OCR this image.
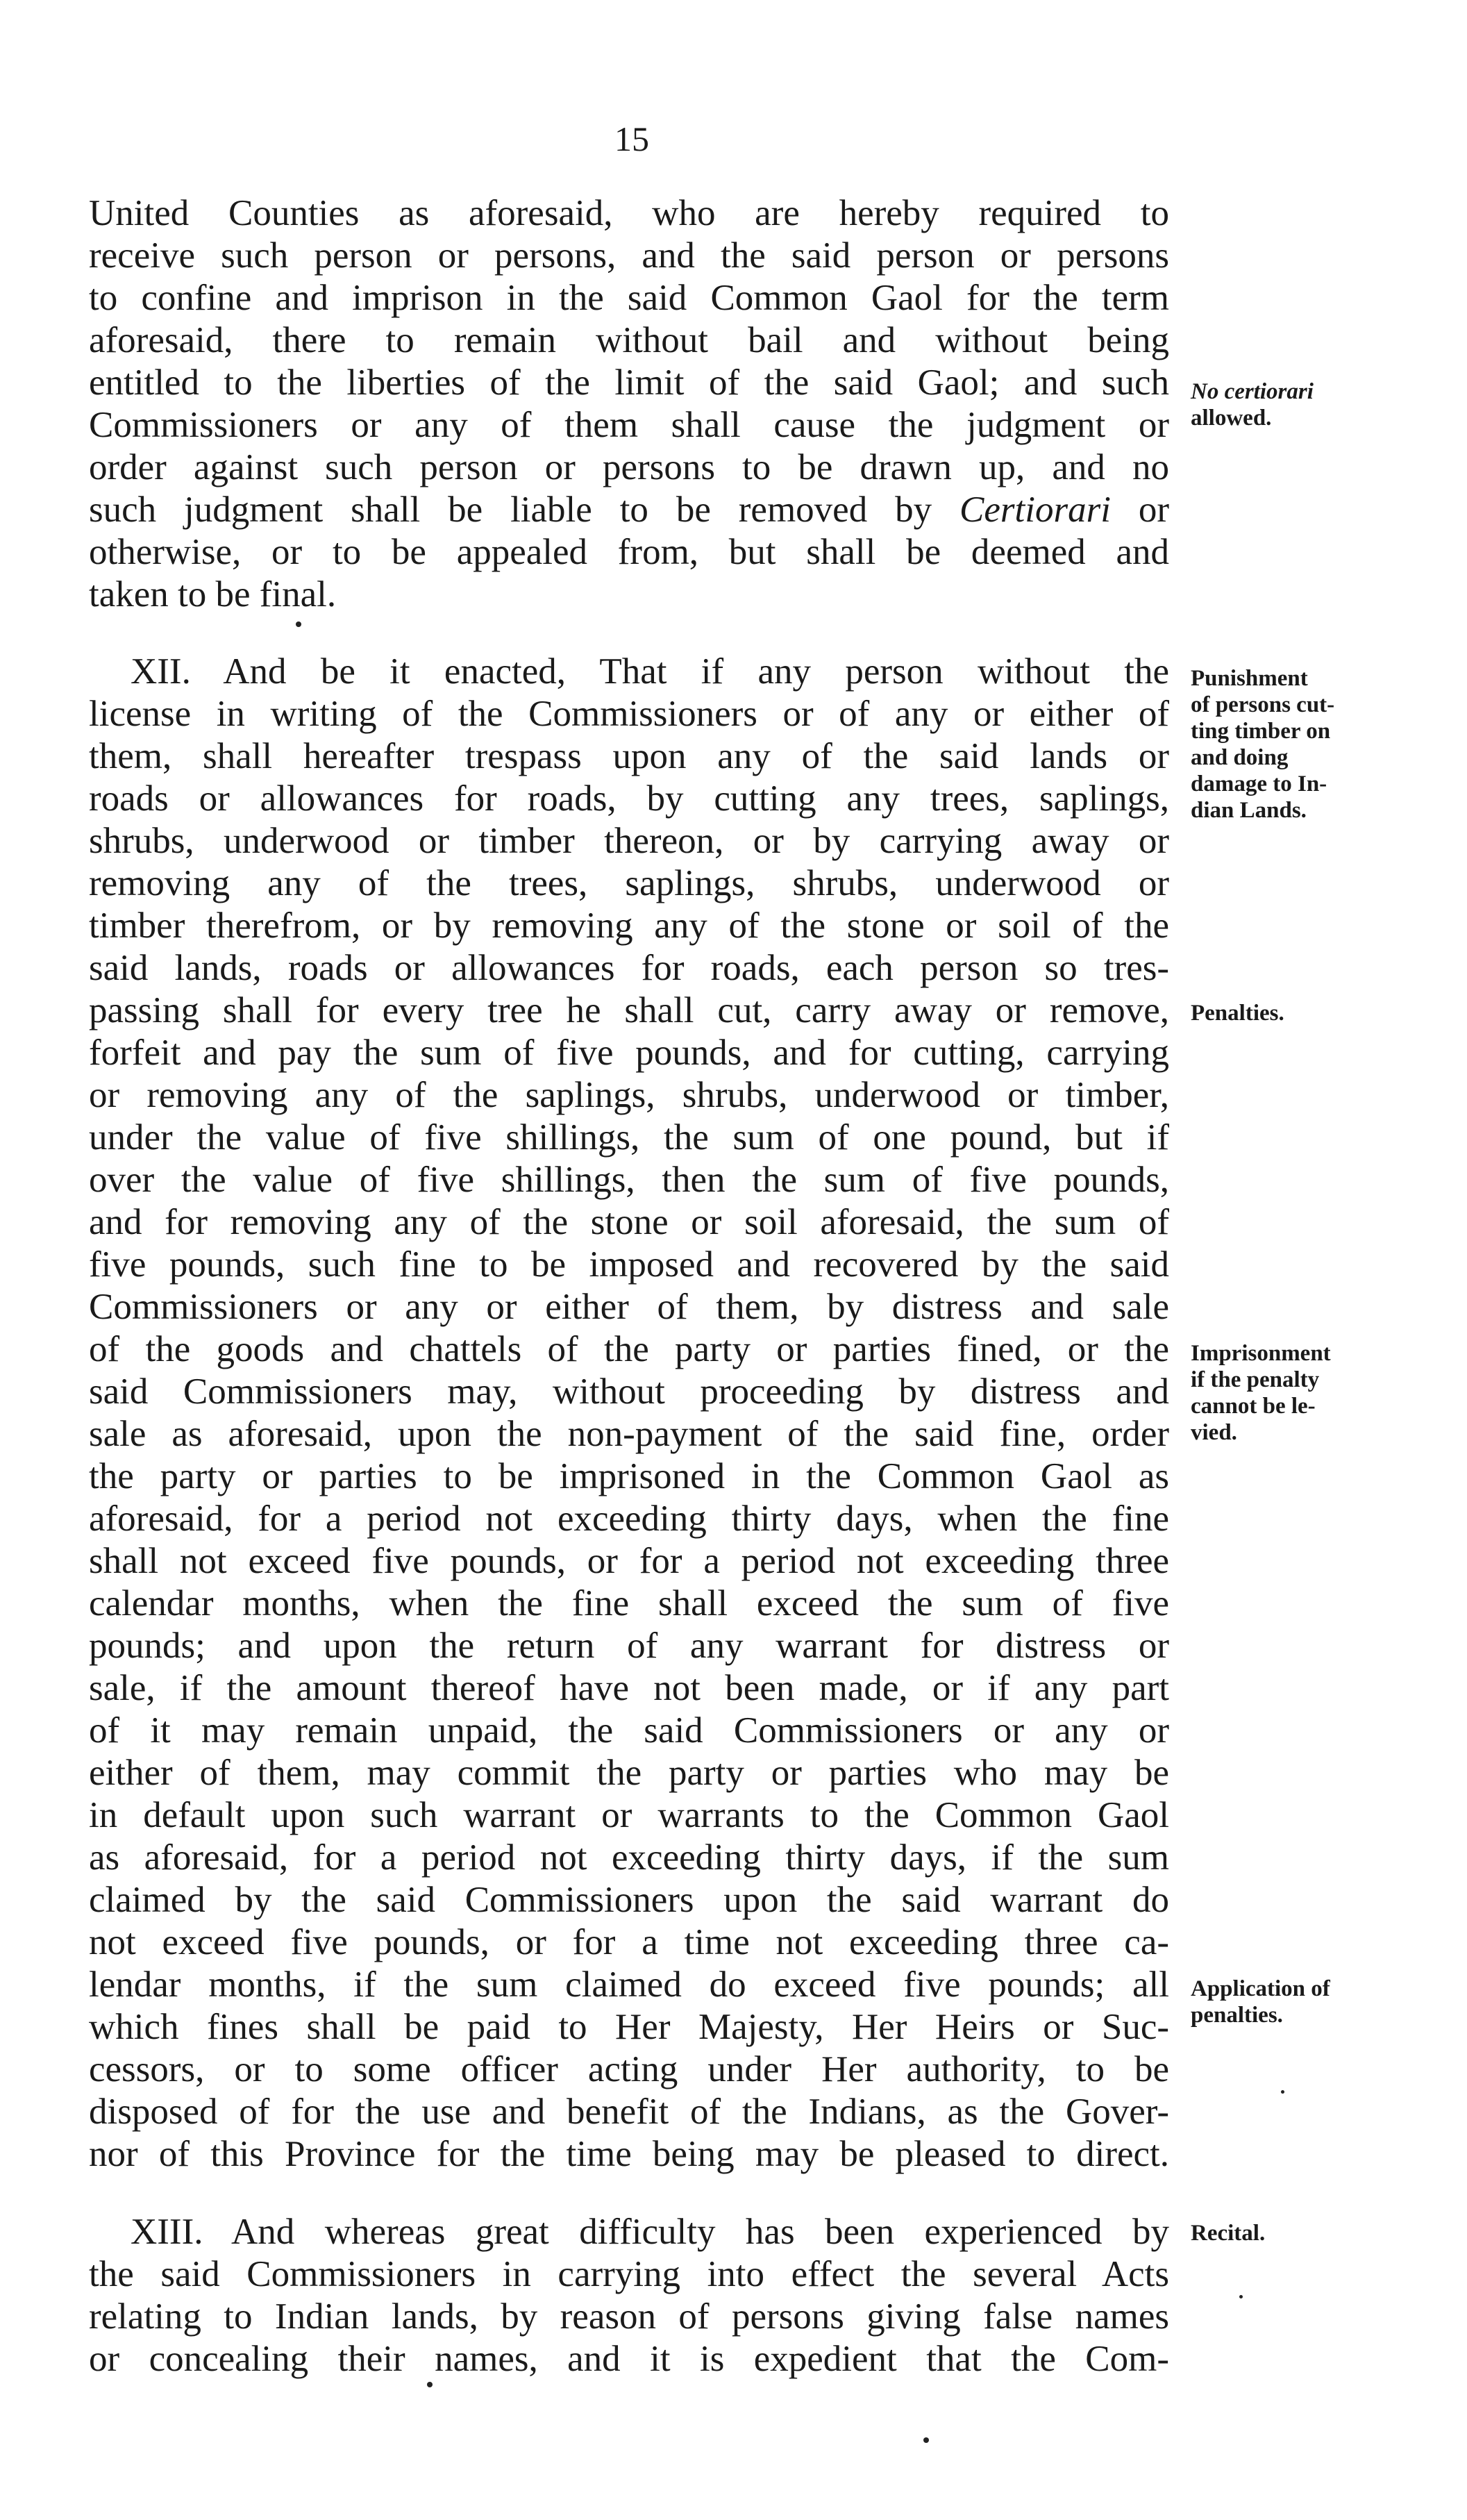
15
United Counties as aforesaid, who are hereby required to
receive such person or persons, and the said person or persons
to confine and imprison in the said Common Gaol for the term
aforesaid, there to remain without bail and without being
entitled to the liberties of the limit of the said Gaol; and such
Commissioners or any of them shall cause the judgment or
order against such person or persons to be drawn up, and no
such judgment shall be liable to be removed by Certiorari or
otherwise, or to be appealed from, but shall be deemed and
taken to be final.
XII. And be it enacted, That if any person without the
license in writing of the Commissioners or of any or either of
them, shall hereafter trespass upon any of the said lands or
roads or allowances for roads, by cutting any trees, saplings,
shrubs, underwood or timber thereon, or by carrying away or
removing any of the trees, saplings, shrubs, underwood or
timber therefrom, or by removing any of the stone or soil of the
said lands, roads or allowances for roads, each person so tres-
passing shall for every tree he shall cut, carry away or remove,
forfeit and pay the sum of five pounds, and for cutting, carrying
or removing any of the saplings, shrubs, underwood or timber,
under the value of five shillings, the sum of one pound, but if
over the value of five shillings, then the sum of five pounds,
and for removing any of the stone or soil aforesaid, the sum of
five pounds, such fine to be imposed and recovered by the said
Commissioners or any or either of them, by distress and sale
of the goods and chattels of the party or parties fined, or the
said Commissioners may, without proceeding by distress and
sale as aforesaid, upon the non-payment of the said fine, order
the party or parties to be imprisoned in the Common Gaol as
aforesaid, for a period not exceeding thirty days, when the fine
shall not exceed five pounds, or for a period not exceeding three
calendar months, when the fine shall exceed the sum of five
pounds; and upon the return of any warrant for distress or
sale, if the amount thereof have not been made, or if any part
of it may remain unpaid, the said Commissioners or any or
either of them, may commit the party or parties who may be
in default upon such warrant or warrants to the Common Gaol
as aforesaid, for a period not exceeding thirty days, if the sum
claimed by the said Commissioners upon the said warrant do
not exceed five pounds, or for a time not exceeding three ca-
lendar months, if the sum claimed do exceed five pounds; all
which fines shall be paid to Her Majesty, Her Heirs or Suc-
cessors, or to some officer acting under Her authority, to be
disposed of for the use and benefit of the Indians, as the Gover-
nor of this Province for the time being may be pleased to direct.
XIII. And whereas great difficulty has been experienced by
the said Commissioners in carrying into effect the several Acts
relating to Indian lands, by reason of persons giving false names
or concealing their names, and it is expedient that the Com-
No certiorari
allowed.
Punishment
of persons cut-
ting timber on
and doing
damage to In-
dian Lands.
Penalties.
Imprisonment
if the penalty
cannot be le-
vied.
Application of
penalties.
Recital.
